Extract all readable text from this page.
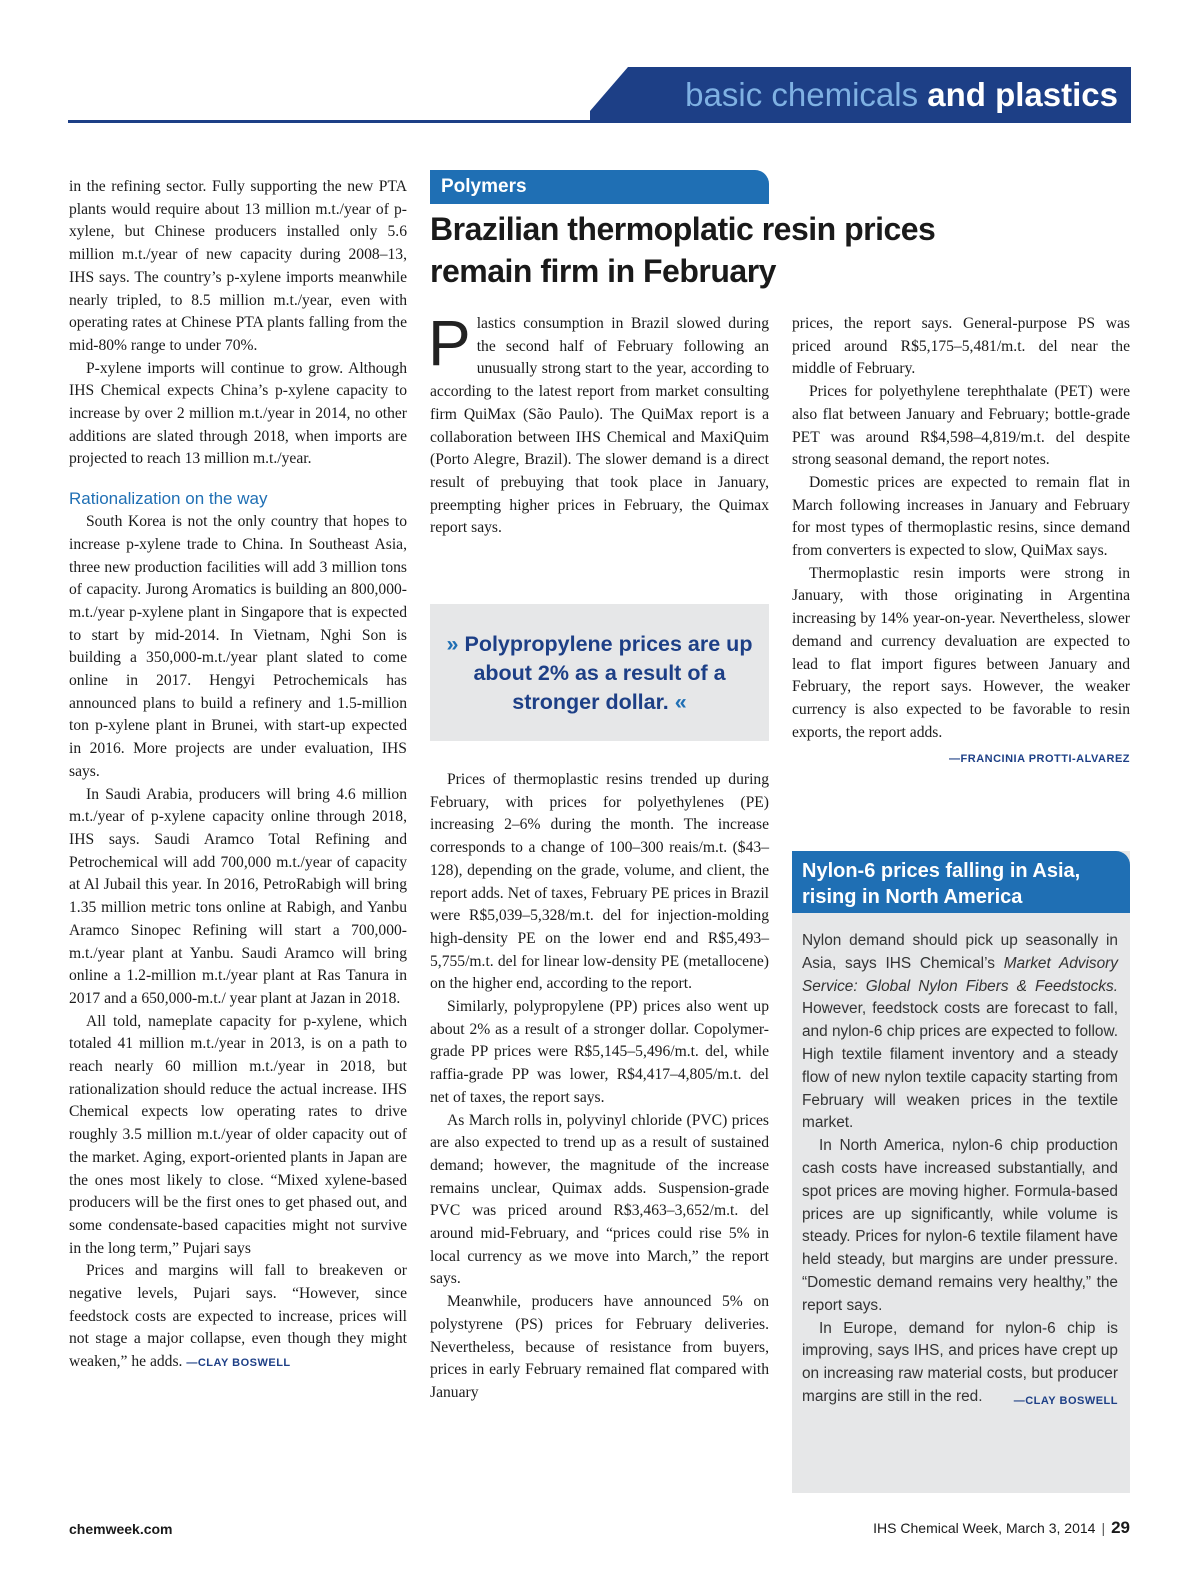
basic chemicals and plastics

in the refining sector. Fully supporting the new PTA plants would require about 13 million m.t./year of p-xylene, but Chinese producers installed only 5.6 million m.t./year of new capacity during 2008–13, IHS says. The country’s p-xylene imports meanwhile nearly tripled, to 8.5 million m.t./year, even with operating rates at Chinese PTA plants falling from the mid-80% range to under 70%.

P-xylene imports will continue to grow. Although IHS Chemical expects China’s p-xylene capacity to increase by over 2 million m.t./year in 2014, no other additions are slated through 2018, when imports are projected to reach 13 million m.t./year.

Rationalization on the way

South Korea is not the only country that hopes to increase p-xylene trade to China. In Southeast Asia, three new production facilities will add 3 million tons of capacity. Jurong Aromatics is building an 800,000-m.t./year p-xylene plant in Singapore that is expected to start by mid-2014. In Vietnam, Nghi Son is building a 350,000-m.t./year plant slated to come online in 2017. Hengyi Petrochemicals has announced plans to build a refinery and 1.5-million ton p-xylene plant in Brunei, with start-up expected in 2016. More projects are under evaluation, IHS says.

In Saudi Arabia, producers will bring 4.6 million m.t./year of p-xylene capacity online through 2018, IHS says. Saudi Aramco Total Refining and Petrochemical will add 700,000 m.t./year of capacity at Al Jubail this year. In 2016, PetroRabigh will bring 1.35 million metric tons online at Rabigh, and Yanbu Aramco Sinopec Refining will start a 700,000-m.t./year plant at Yanbu. Saudi Aramco will bring online a 1.2-million m.t./year plant at Ras Tanura in 2017 and a 650,000-m.t./ year plant at Jazan in 2018.

All told, nameplate capacity for p-xylene, which totaled 41 million m.t./year in 2013, is on a path to reach nearly 60 million m.t./year in 2018, but rationalization should reduce the actual increase. IHS Chemical expects low operating rates to drive roughly 3.5 million m.t./year of older capacity out of the market. Aging, export-oriented plants in Japan are the ones most likely to close. “Mixed xylene-based producers will be the first ones to get phased out, and some condensate-based capacities might not survive in the long term,” Pujari says

Prices and margins will fall to breakeven or negative levels, Pujari says. “However, since feedstock costs are expected to increase, prices will not stage a major collapse, even though they might weaken,” he adds. —CLAY BOSWELL

Polymers
Brazilian thermoplatic resin prices remain firm in February

Plastics consumption in Brazil slowed during the second half of February following an unusually strong start to the year, according to according to the latest report from market consulting firm QuiMax (São Paulo). The QuiMax report is a collaboration between IHS Chemical and MaxiQuim (Porto Alegre, Brazil). The slower demand is a direct result of prebuying that took place in January, preempting higher prices in February, the Quimax report says.

» Polypropylene prices are up about 2% as a result of a stronger dollar. «

Prices of thermoplastic resins trended up during February, with prices for polyethylenes (PE) increasing 2–6% during the month. The increase corresponds to a change of 100–300 reais/m.t. ($43–128), depending on the grade, volume, and client, the report adds. Net of taxes, February PE prices in Brazil were R$5,039–5,328/m.t. del for injection-molding high-density PE on the lower end and R$5,493–5,755/m.t. del for linear low-density PE (metallocene) on the higher end, according to the report.

Similarly, polypropylene (PP) prices also went up about 2% as a result of a stronger dollar. Copolymer-grade PP prices were R$5,145–5,496/m.t. del, while raffia-grade PP was lower, R$4,417–4,805/m.t. del net of taxes, the report says.

As March rolls in, polyvinyl chloride (PVC) prices are also expected to trend up as a result of sustained demand; however, the magnitude of the increase remains unclear, Quimax adds. Suspension-grade PVC was priced around R$3,463–3,652/m.t. del around mid-February, and “prices could rise 5% in local currency as we move into March,” the report says.

Meanwhile, producers have announced 5% on polystyrene (PS) prices for February deliveries. Nevertheless, because of resistance from buyers, prices in early February remained flat compared with January

prices, the report says. General-purpose PS was priced around R$5,175–5,481/m.t. del near the middle of February.

Prices for polyethylene terephthalate (PET) were also flat between January and February; bottle-grade PET was around R$4,598–4,819/m.t. del despite strong seasonal demand, the report notes.

Domestic prices are expected to remain flat in March following increases in January and February for most types of thermoplastic resins, since demand from converters is expected to slow, QuiMax says.

Thermoplastic resin imports were strong in January, with those originating in Argentina increasing by 14% year-on-year. Nevertheless, slower demand and currency devaluation are expected to lead to flat import figures between January and February, the report says. However, the weaker currency is also expected to be favorable to resin exports, the report adds.

—FRANCINIA PROTTI-ALVAREZ

Nylon-6 prices falling in Asia, rising in North America

Nylon demand should pick up seasonally in Asia, says IHS Chemical’s Market Advisory Service: Global Nylon Fibers & Feedstocks. However, feedstock costs are forecast to fall, and nylon-6 chip prices are expected to follow. High textile filament inventory and a steady flow of new nylon textile capacity starting from February will weaken prices in the textile market.

In North America, nylon-6 chip production cash costs have increased substantially, and spot prices are moving higher. Formula-based prices are up significantly, while volume is steady. Prices for nylon-6 textile filament have held steady, but margins are under pressure. “Domestic demand remains very healthy,” the report says.

In Europe, demand for nylon-6 chip is improving, says IHS, and prices have crept up on increasing raw material costs, but producer margins are still in the red.	—CLAY BOSWELL

chemweek.com	IHS Chemical Week, March 3, 2014 | 29
